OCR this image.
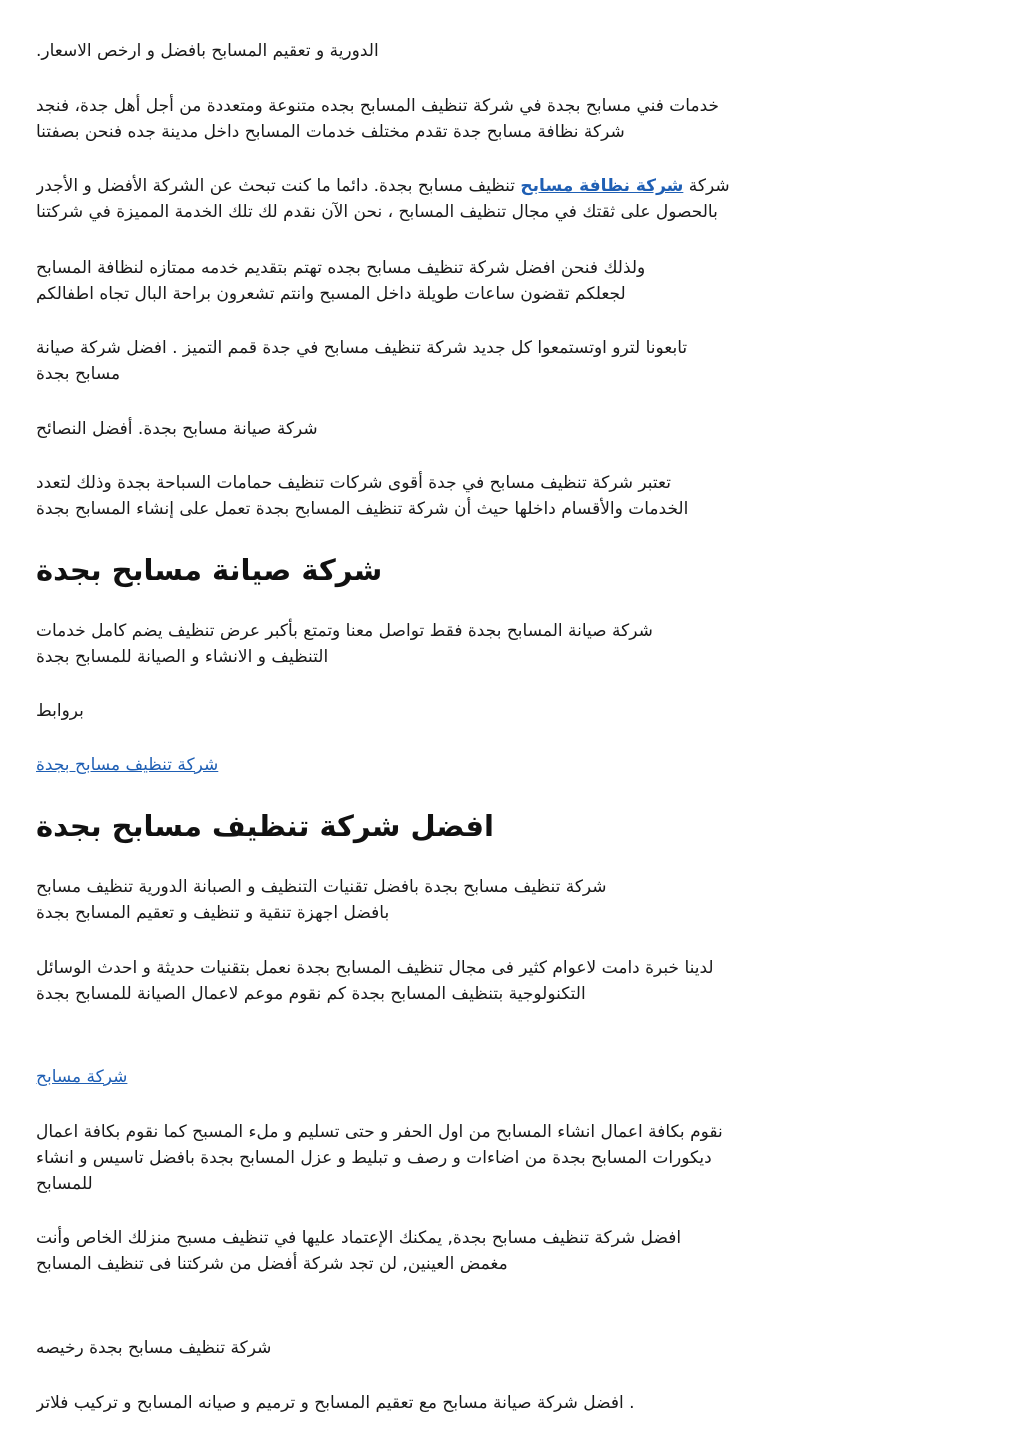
الدورية و تعقيم المسابح بافضل و ارخص الاسعار.
خدمات فني مسابح بجدة في شركة تنظيف المسابح بجده متنوعة ومتعددة من أجل أهل جدة، فنجد
شركة نظافة مسابح جدة تقدم مختلف خدمات المسابح داخل مدينة جده فنحن بصفتنا
شركة شركة نظافة مسابح تنظيف مسابح بجدة. دائما ما كنت تبحث عن الشركة الأفضل و الأجدر
بالحصول على ثقتك في مجال تنظيف المسابح ، نحن الآن نقدم لك تلك الخدمة المميزة في شركتنا
ولذلك فنحن افضل شركة تنظيف مسابح بجده تهتم بتقديم خدمه ممتازه لنظافة المسابح
لجعلكم تقضون ساعات طويلة داخل المسبح وانتم تشعرون براحة البال تجاه اطفالكم
تابعونا لترو اوتستمعوا كل جديد شركة تنظيف مسابح في جدة قمم التميز . افضل شركة صيانة
مسابح بجدة
شركة صيانة مسابح بجدة. أفضل النصائح
تعتبر شركة تنظيف مسابح في جدة أقوى شركات تنظيف حمامات السباحة بجدة وذلك لتعدد
الخدمات والأقسام داخلها حيث أن شركة تنظيف المسابح بجدة تعمل على إنشاء المسابح بجدة
شركة صيانة مسابح بجدة
شركة صيانة المسابح بجدة فقط تواصل معنا وتمتع بأكبر عرض تنظيف يضم كامل خدمات
التنظيف و الانشاء و الصيانة للمسابح بجدة
بروابط
شركة تنظيف مسابح بجدة
افضل شركة تنظيف مسابح بجدة
شركة تنظيف مسابح بجدة بافضل تقنيات التنظيف و الصبانة الدورية تنظيف مسابح
بافضل اجهزة تنقية و تنظيف و تعقيم المسابح بجدة
لدينا خبرة دامت لاعوام كثير فى مجال تنظيف المسابح بجدة نعمل بتقنيات حديثة و احدث الوسائل
التكنولوجية بتنظيف المسابح بجدة كم نقوم موعم لاعمال الصيانة للمسابح بجدة
شركة مسابح
نقوم بكافة اعمال انشاء المسابح من اول الحفر و حتى تسليم و ملء المسبح كما نقوم بكافة اعمال
ديكورات المسابح بجدة من اضاءات و رصف و تبليط و عزل المسابح بجدة بافضل تاسيس و انشاء
للمسابح
افضل شركة تنظيف مسابح بجدة, يمكنك الإعتماد عليها في تنظيف مسبح منزلك الخاص وأنت
مغمض العينين, لن تجد شركة أفضل من شركتنا فى تنظيف المسابح
شركة تنظيف مسابح بجدة رخيصه
. افضل شركة صيانة مسابح مع تعقيم المسابح و ترميم و صيانه المسابح و تركيب فلاتر
